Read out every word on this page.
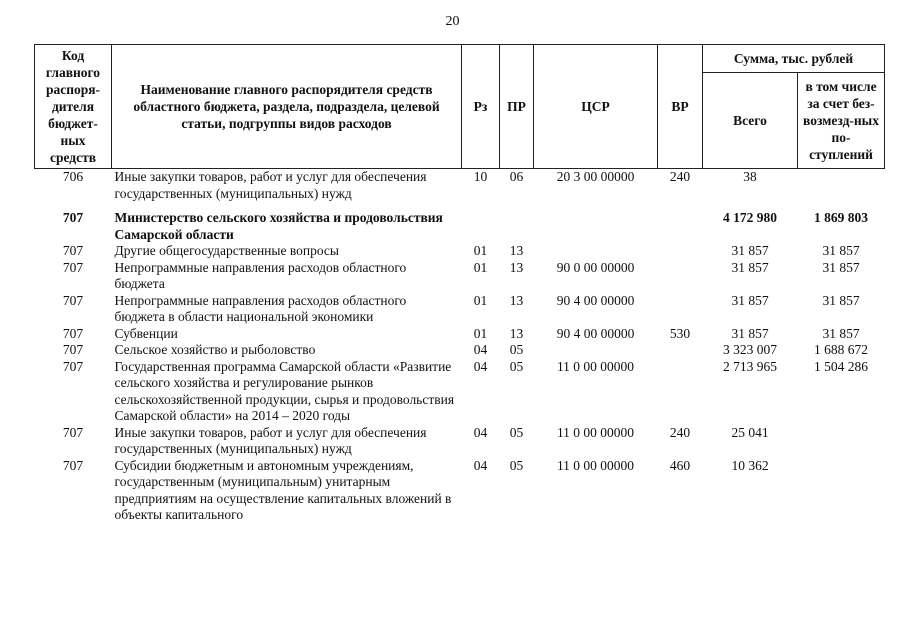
20
Код главного распоря-дителя бюджет-ных средств	Наименование главного распорядителя средств областного бюджета, раздела, подраздела, целевой статьи, подгруппы видов расходов	Рз	ПР	ЦСР	ВР	Сумма, тыс. рублей	
						Всего	в том числе за счет без-возмезд-ных по-ступлений
706	Иные закупки товаров, работ и услуг для обеспечения государственных (муниципальных) нужд	10	06	20 3 00 00000	240	38	
707	Министерство сельского хозяйства и продовольствия Самарской области					4 172 980	1 869 803
707	Другие общегосударственные вопросы	01	13			31 857	31 857
707	Непрограммные направления расходов областного бюджета	01	13	90 0 00 00000		31 857	31 857
707	Непрограммные направления расходов областного бюджета в области национальной экономики	01	13	90 4 00 00000		31 857	31 857
707	Субвенции	01	13	90 4 00 00000	530	31 857	31 857
707	Сельское хозяйство и рыболовство	04	05			3 323 007	1 688 672
707	Государственная программа Самарской области «Развитие сельского хозяйства и регулирование рынков сельскохозяйственной продукции, сырья и продовольствия Самарской области» на 2014 – 2020 годы	04	05	11 0 00 00000		2 713 965	1 504 286
707	Иные закупки товаров, работ и услуг для обеспечения государственных (муниципальных) нужд	04	05	11 0 00 00000	240	25 041	
707	Субсидии бюджетным и автономным учреждениям, государственным (муниципальным) унитарным предприятиям на осуществление капитальных вложений в объекты капитального	04	05	11 0 00 00000	460	10 362	
